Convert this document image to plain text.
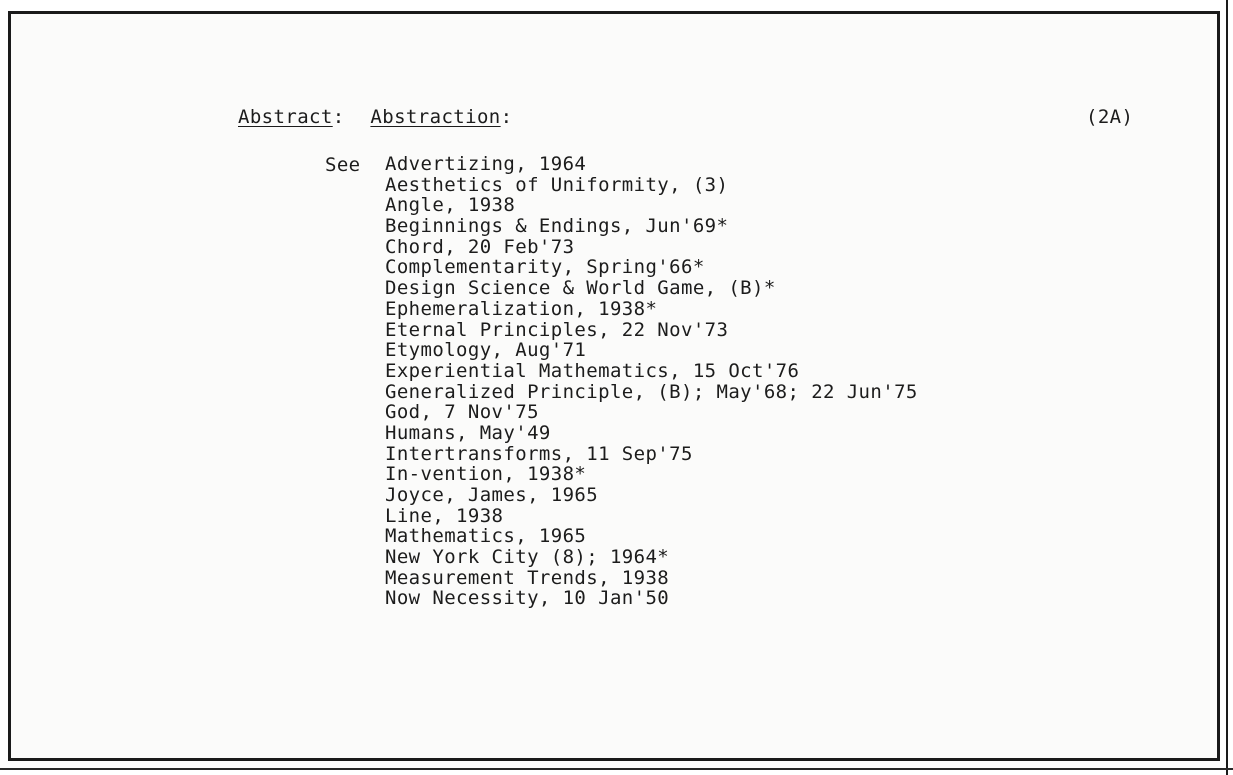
Abstract: Abstraction:	(2A)
See Advertizing, 1964
Aesthetics of Uniformity, (3)
Angle, 1938
Beginnings & Endings, Jun'69*
Chord, 20 Feb'73
Complementarity, Spring'66*
Design Science & World Game, (B)*
Ephemeralization, 1938*
Eternal Principles, 22 Nov'73
Etymology, Aug'71
Experiential Mathematics, 15 Oct'76
Generalized Principle, (B); May'68; 22 Jun'75
God, 7 Nov'75
Humans, May'49
Intertransforms, 11 Sep'75
In-vention, 1938*
Joyce, James, 1965
Line, 1938
Mathematics, 1965
New York City (8); 1964*
Measurement Trends, 1938
Now Necessity, 10 Jan'50
